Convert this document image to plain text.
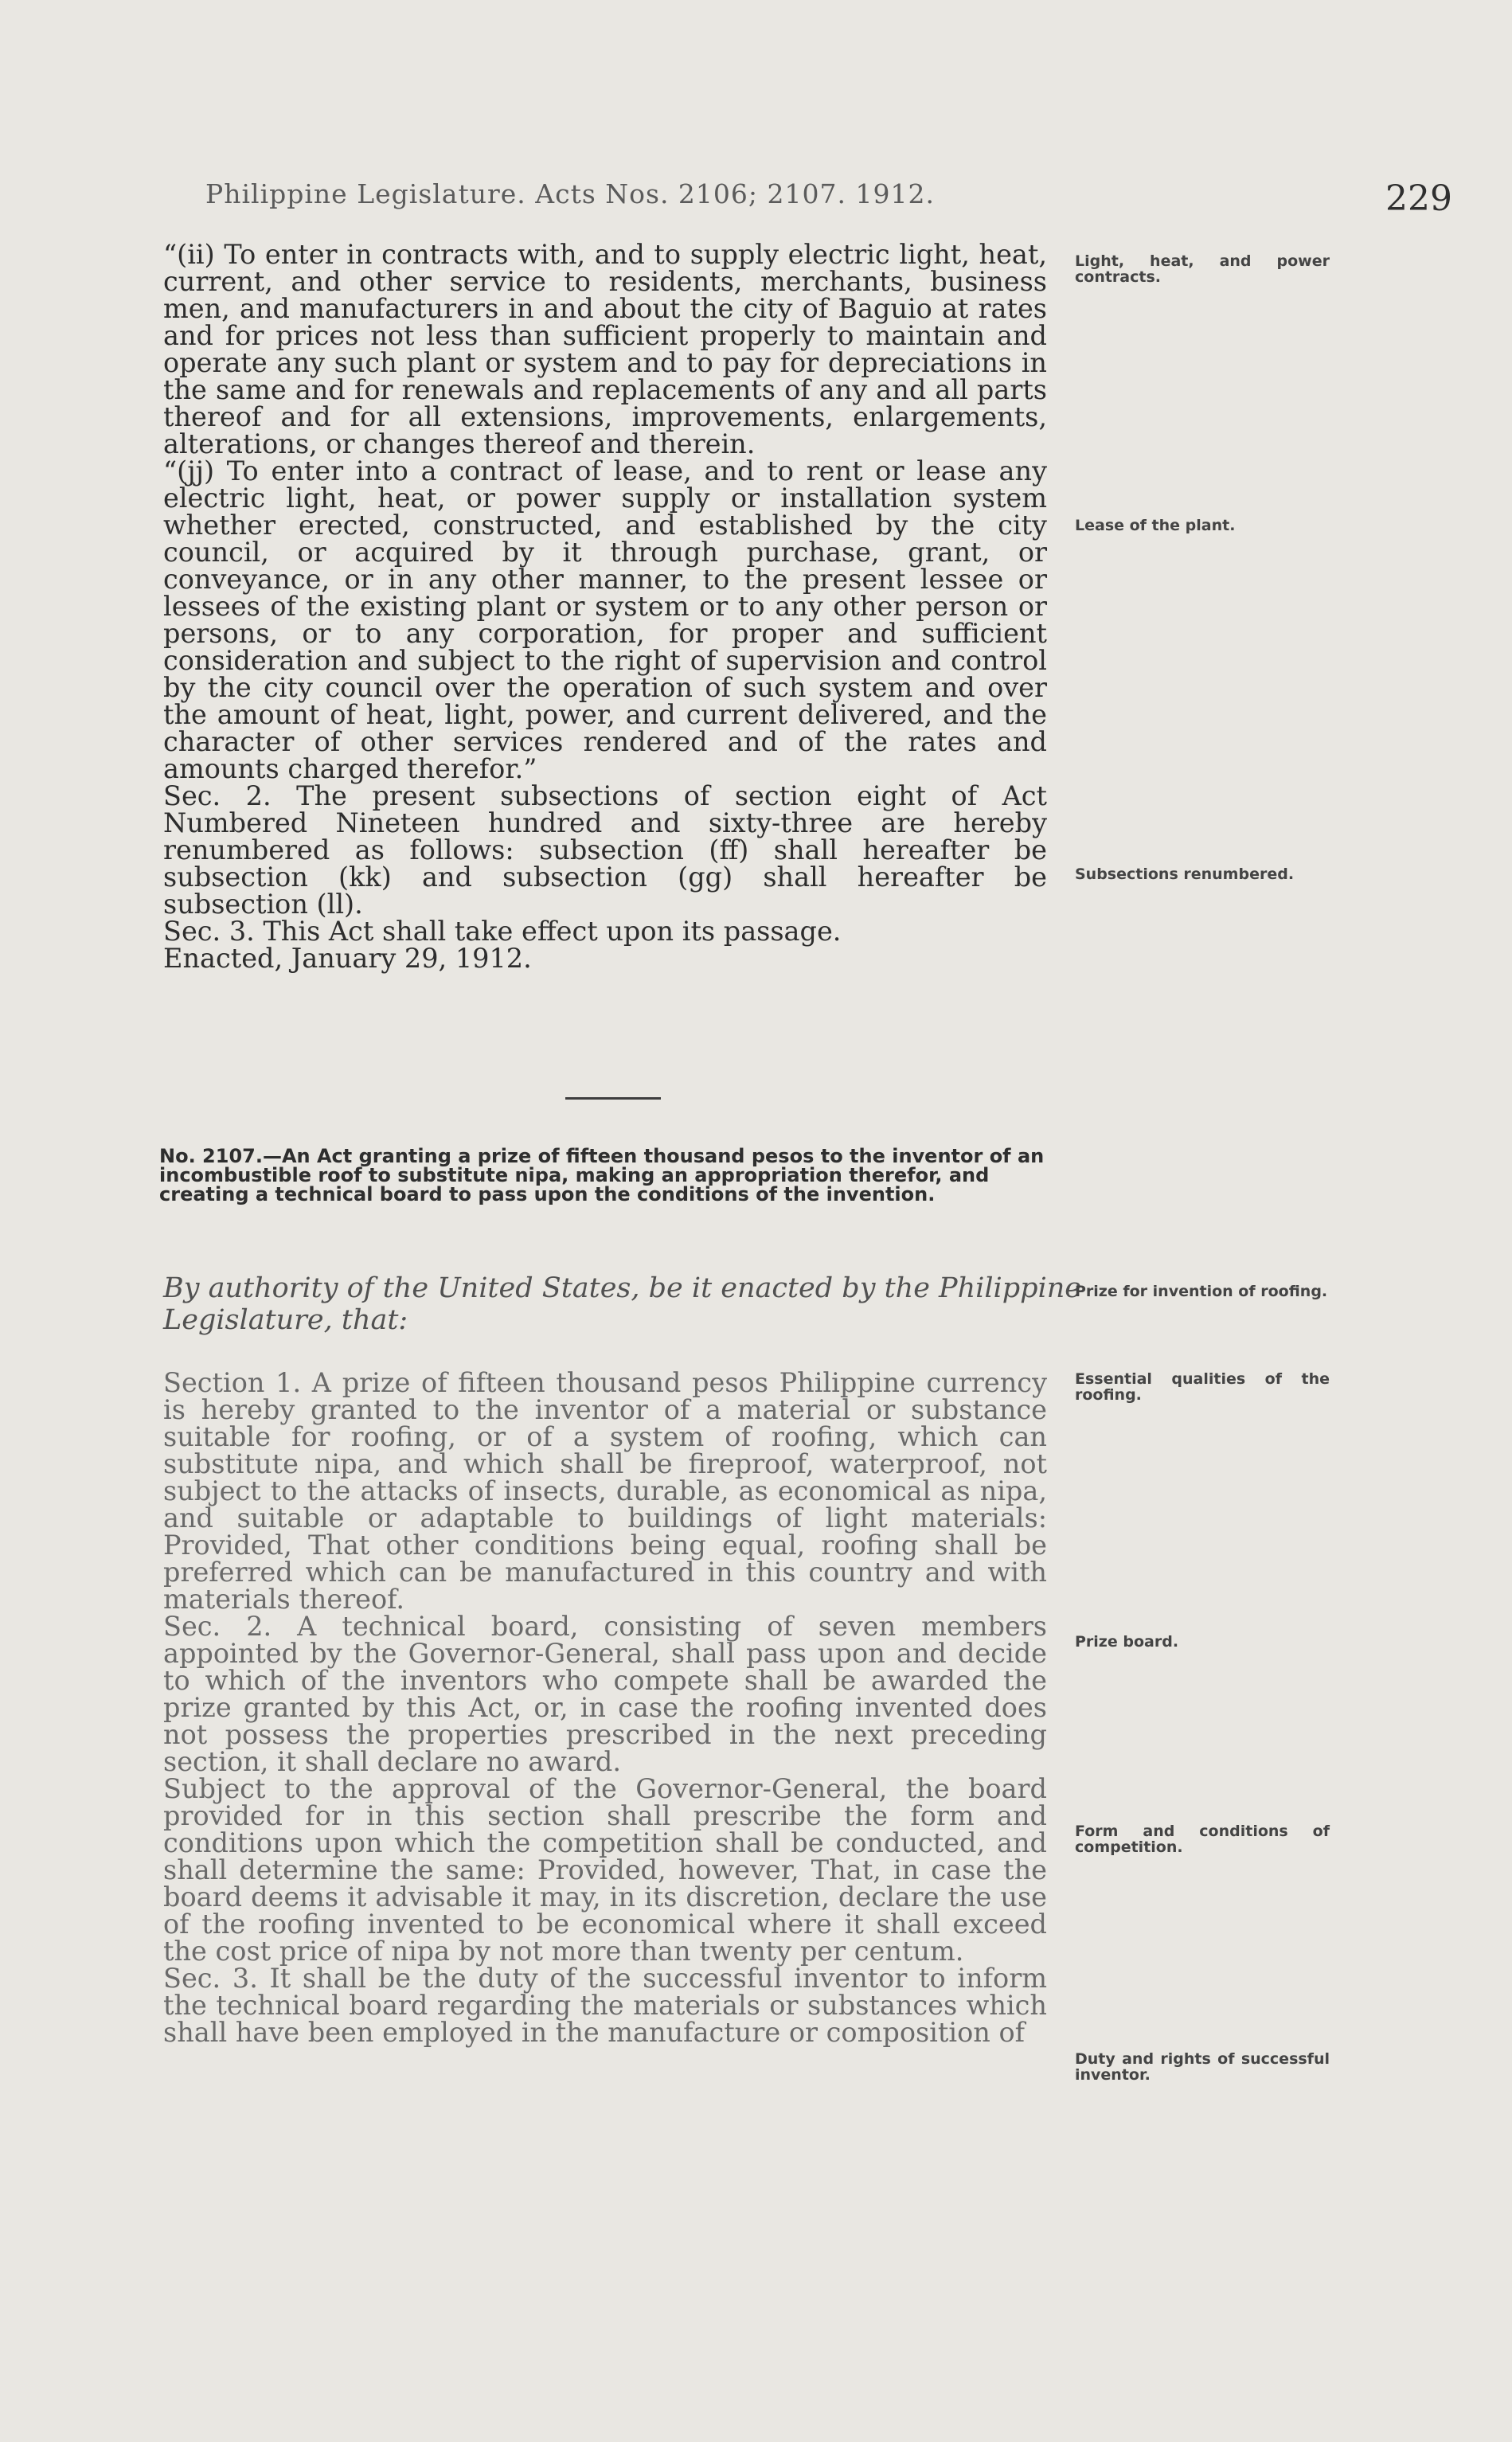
Philippine Legislature. Acts Nos. 2106; 2107. 1912.	229

“(ii) To enter in contracts with, and to supply electric light, heat, current, and other service to residents, merchants, business men, and manufacturers in and about the city of Baguio at rates and for prices not less than sufficient properly to maintain and operate any such plant or system and to pay for depreciations in the same and for renewals and replacements of any and all parts thereof and for all extensions, improvements, enlargements, alterations, or changes thereof and therein.

“(jj) To enter into a contract of lease, and to rent or lease any electric light, heat, or power supply or installation system whether erected, constructed, and established by the city council, or acquired by it through purchase, grant, or conveyance, or in any other manner, to the present lessee or lessees of the existing plant or system or to any other person or persons, or to any corporation, for proper and sufficient consideration and subject to the right of supervision and control by the city council over the operation of such system and over the amount of heat, light, power, and current delivered, and the character of other services rendered and of the rates and amounts charged therefor.”

Sec. 2. The present subsections of section eight of Act Numbered Nineteen hundred and sixty-three are hereby renumbered as follows: subsection (ff) shall hereafter be subsection (kk) and subsection (gg) shall hereafter be subsection (ll).

Sec. 3. This Act shall take effect upon its passage.

Enacted, January 29, 1912.

Light, heat, and power contracts.
Lease of the plant.
Subsections renumbered.
No. 2107.—An Act granting a prize of fifteen thousand pesos to the inventor of an incombustible roof to substitute nipa, making an appropriation therefor, and creating a technical board to pass upon the conditions of the invention.
By authority of the United States, be it enacted by the Philippine Legislature, that:
Prize for invention of roofing.

Section 1. A prize of fifteen thousand pesos Philippine currency is hereby granted to the inventor of a material or substance suitable for roofing, or of a system of roofing, which can substitute nipa, and which shall be fireproof, waterproof, not subject to the attacks of insects, durable, as economical as nipa, and suitable or adaptable to buildings of light materials: Provided, That other conditions being equal, roofing shall be preferred which can be manufactured in this country and with materials thereof.

Sec. 2. A technical board, consisting of seven members appointed by the Governor-General, shall pass upon and decide to which of the inventors who compete shall be awarded the prize granted by this Act, or, in case the roofing invented does not possess the properties prescribed in the next preceding section, it shall declare no award.

Subject to the approval of the Governor-General, the board provided for in this section shall prescribe the form and conditions upon which the competition shall be conducted, and shall determine the same: Provided, however, That, in case the board deems it advisable it may, in its discretion, declare the use of the roofing invented to be economical where it shall exceed the cost price of nipa by not more than twenty per centum.

Sec. 3. It shall be the duty of the successful inventor to inform the technical board regarding the materials or substances which shall have been employed in the manufacture or composition of

Essential qualities of the roofing.
Prize board.
Form and conditions of competition.
Duty and rights of successful inventor.
